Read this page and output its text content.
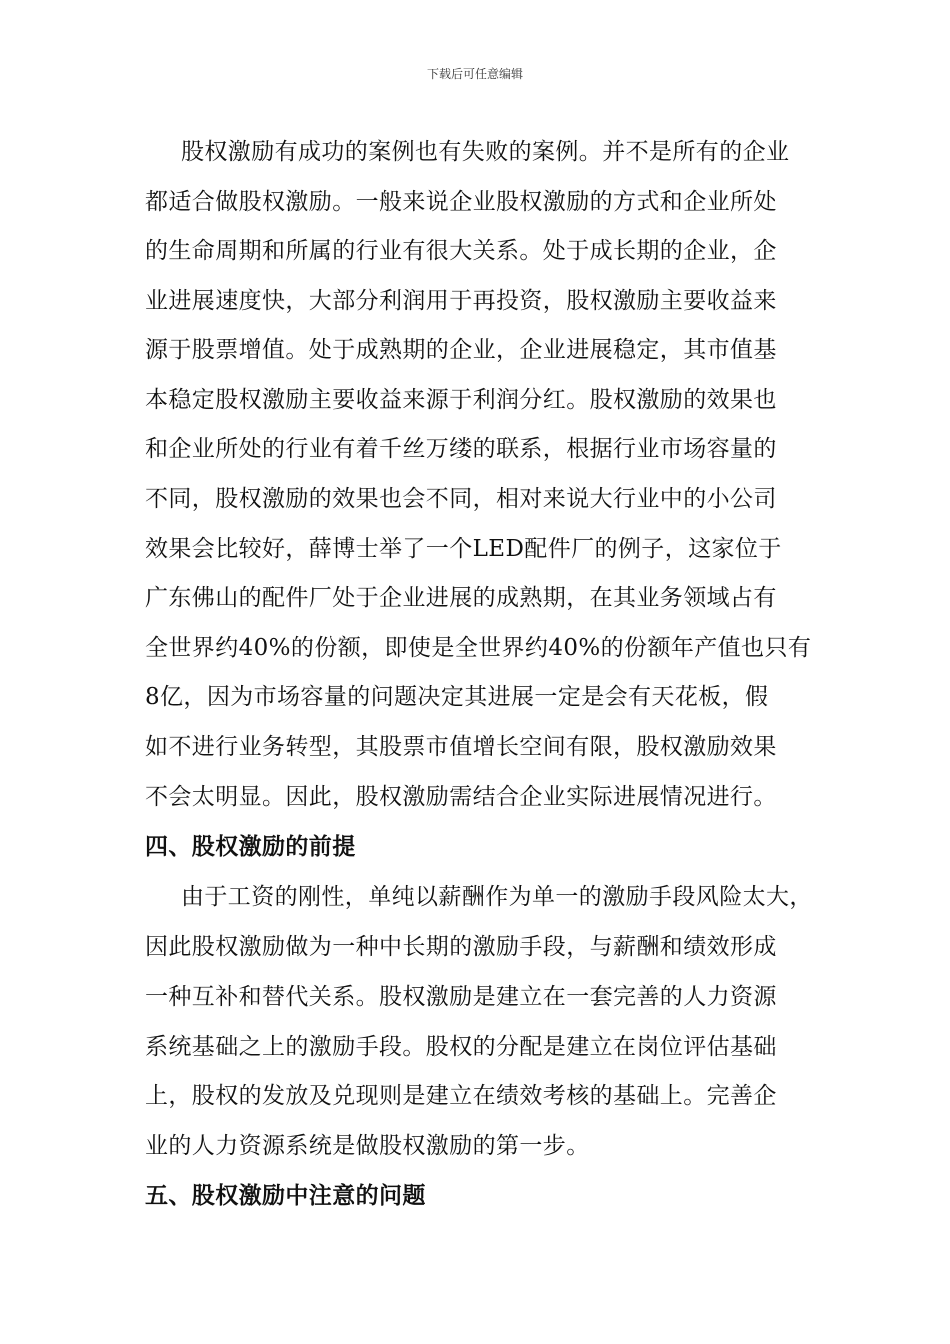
下载后可任意编辑
股权激励有成功的案例也有失败的案例。并不是所有的企业
都适合做股权激励。一般来说企业股权激励的方式和企业所处
的生命周期和所属的行业有很大关系。处于成长期的企业，企
业进展速度快，大部分利润用于再投资，股权激励主要收益来
源于股票增值。处于成熟期的企业，企业进展稳定，其市值基
本稳定股权激励主要收益来源于利润分红。股权激励的效果也
和企业所处的行业有着千丝万缕的联系，根据行业市场容量的
不同，股权激励的效果也会不同，相对来说大行业中的小公司
效果会比较好，薛博士举了一个LED配件厂的例子，这家位于
广东佛山的配件厂处于企业进展的成熟期，在其业务领域占有
全世界约40%的份额，即使是全世界约40%的份额年产值也只有
8亿，因为市场容量的问题决定其进展一定是会有天花板，假
如不进行业务转型，其股票市值增长空间有限，股权激励效果
不会太明显。因此，股权激励需结合企业实际进展情况进行。
四、股权激励的前提
由于工资的刚性，单纯以薪酬作为单一的激励手段风险太大，
因此股权激励做为一种中长期的激励手段，与薪酬和绩效形成
一种互补和替代关系。股权激励是建立在一套完善的人力资源
系统基础之上的激励手段。股权的分配是建立在岗位评估基础
上，股权的发放及兑现则是建立在绩效考核的基础上。完善企
业的人力资源系统是做股权激励的第一步。
五、股权激励中注意的问题
